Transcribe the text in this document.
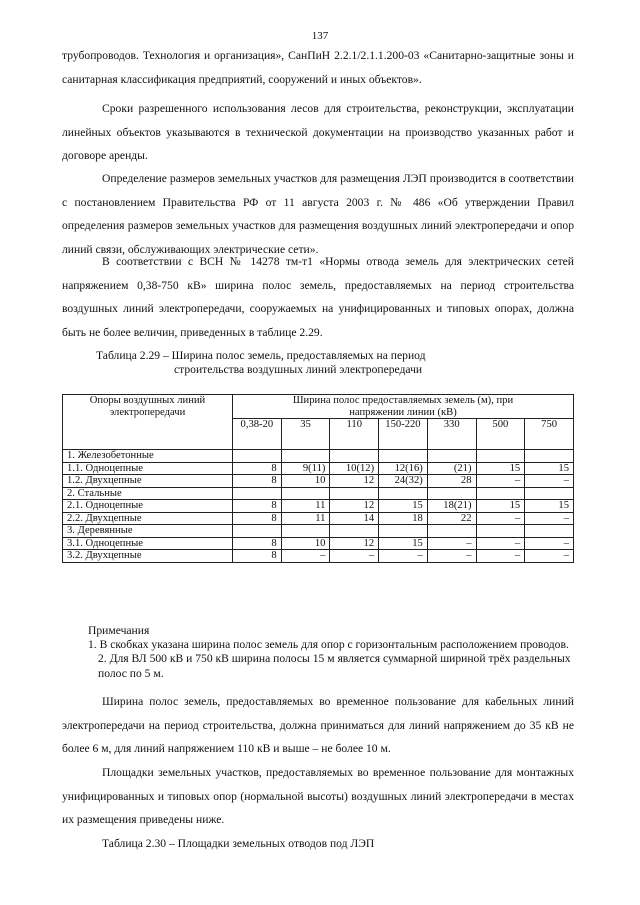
137

трубопроводов. Технология и организация», СанПиН 2.2.1/2.1.1.200-03 «Санитарно-защитные зоны и санитарная классификация предприятий, сооружений и иных объектов».

Сроки разрешенного использования лесов для строительства, реконструкции, эксплуатации линейных объектов указываются в технической документации на производство указанных работ и договоре аренды.

Определение размеров земельных участков для размещения ЛЭП производится в соответствии с постановлением Правительства РФ от 11 августа 2003 г. № 486 «Об утверждении Правил определения размеров земельных участков для размещения воздушных линий электропередачи и опор линий связи, обслуживающих электрические сети».

В соответствии с ВСН № 14278 тм-т1 «Нормы отвода земель для электрических сетей напряжением 0,38-750 кВ» ширина полос земель, предоставляемых на период строительства воздушных линий электропередачи, сооружаемых на унифицированных и типовых опорах, должна быть не более величин, приведенных в таблице 2.29.

Таблица 2.29 – Ширина полос земель, предоставляемых на период
строительства воздушных линий электропередачи
Опоры воздушных линий электропередачи	Ширина полос предоставляемых земель (м), при напряжении линии (кВ)						
	0,38-20	35	110	150-220	330	500	750
1. Железобетонные							
1.1. Одноцепные	8	9(11)	10(12)	12(16)	(21)	15	15
1.2. Двухцепные	8	10	12	24(32)	28	–	–
2. Стальные							
2.1. Одноцепные	8	11	12	15	18(21)	15	15
2.2. Двухцепные	8	11	14	18	22	–	–
3. Деревянные							
3.1. Одноцепные	8	10	12	15	–	–	–
3.2. Двухцепные	8	–	–	–	–	–	–
Примечания
1. В скобках указана ширина полос земель для опор с горизонтальным расположением проводов.
2. Для ВЛ 500 кВ и 750 кВ ширина полосы 15 м является суммарной шириной трёх раздельных полос по 5 м.

Ширина полос земель, предоставляемых во временное пользование для кабельных линий электропередачи на период строительства, должна приниматься для линий напряжением до 35 кВ не более 6 м, для линий напряжением 110 кВ и выше – не более 10 м.

Площадки земельных участков, предоставляемых во временное пользование для монтажных унифицированных и типовых опор (нормальной высоты) воздушных линий электропередачи в местах их размещения приведены ниже.

Таблица 2.30 – Площадки земельных отводов под ЛЭП
